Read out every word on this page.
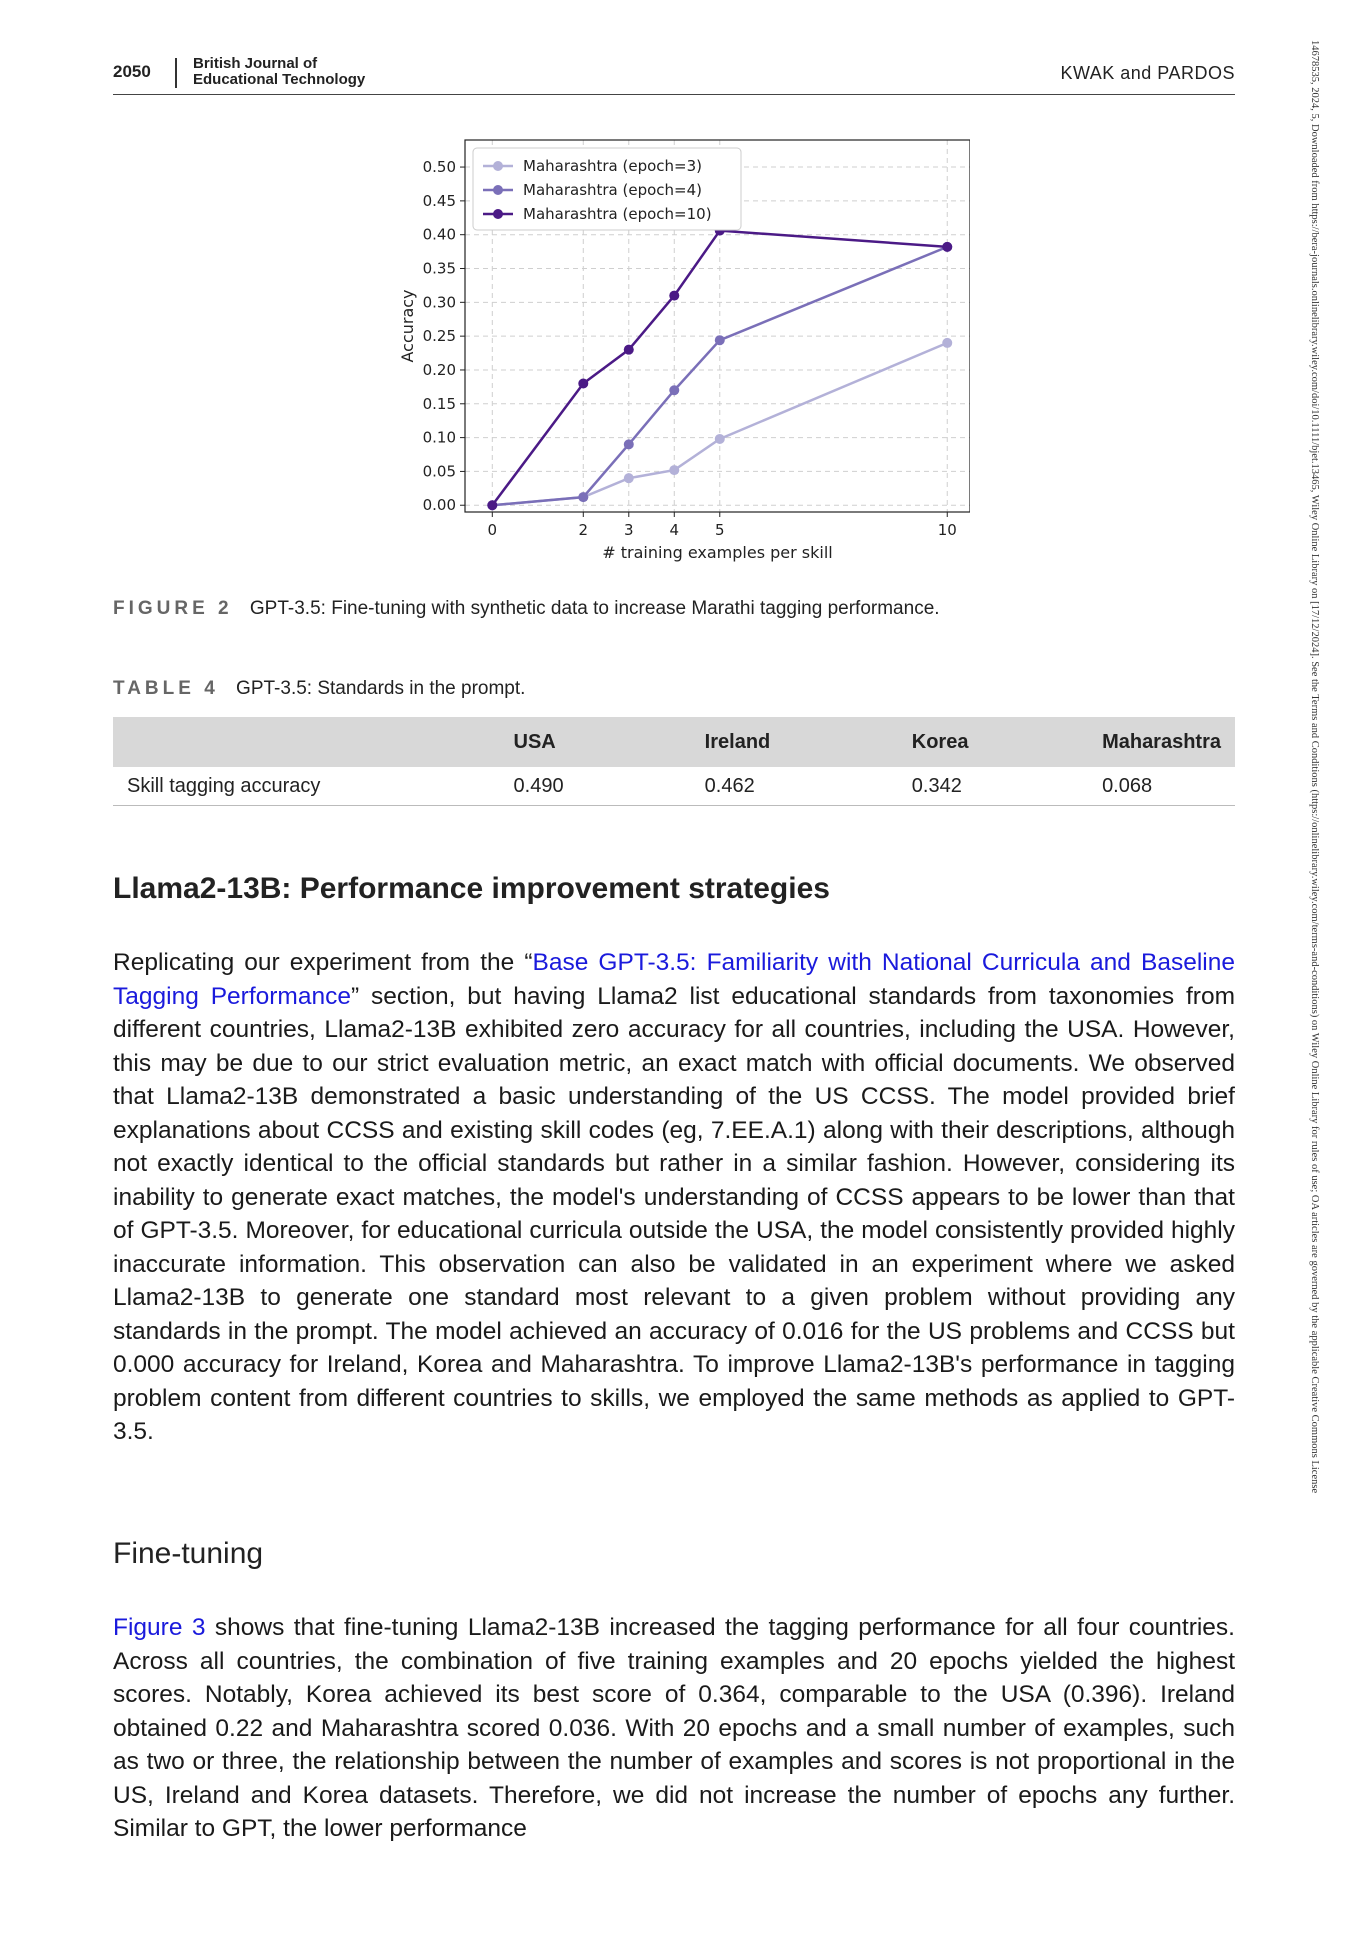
2050	British Journal of
Educational Technology	KWAK and PARDOS	14678535, 2024, 5, Downloaded from https://bera-journals.onlinelibrary.wiley.com/doi/10.1111/bjet.13465, Wiley Online Library on [17/12/2024]. See the Terms and Conditions (https://onlinelibrary.wiley.com/terms-and-conditions) on Wiley Online Library for rules of use; OA articles are governed by the applicable Creative Commons License
0.00
0.05
0.10
0.15
0.20
0.25
0.30
0.35
0.40
0.45
0.50
0	2 3 4 5	10
# training examples per skill
Accuracy
Maharashtra (epoch=3)
Maharashtra (epoch=4)
Maharashtra (epoch=10)
FIGURE 2 GPT-3.5: Fine-tuning with synthetic data to increase Marathi tagging performance.
TABLE 4 GPT-3.5: Standards in the prompt.
	USA	Ireland	Korea	Maharashtra
Skill tagging accuracy	0.490	0.462	0.342	0.068
Llama2-13B: Performance improvement strategies

Replicating our experiment from the “Base GPT-3.5: Familiarity with National Curricula and Baseline Tagging Performance” section, but having Llama2 list educational standards from taxonomies from different countries, Llama2-13B exhibited zero accuracy for all countries, including the USA. However, this may be due to our strict evaluation metric, an exact match with official documents. We observed that Llama2-13B demonstrated a basic understanding of the US CCSS. The model provided brief explanations about CCSS and existing skill codes (eg, 7.EE.A.1) along with their descriptions, although not exactly identical to the official standards but rather in a similar fashion. However, considering its inability to generate exact matches, the model's understanding of CCSS appears to be lower than that of GPT-3.5. Moreover, for educational curricula outside the USA, the model consistently provided highly inaccurate information. This observation can also be validated in an experiment where we asked Llama2-13B to generate one standard most relevant to a given problem without providing any standards in the prompt. The model achieved an accuracy of 0.016 for the US problems and CCSS but 0.000 accuracy for Ireland, Korea and Maharashtra. To improve Llama2-13B's performance in tagging problem content from different countries to skills, we employed the same methods as applied to GPT-3.5.

Fine-tuning

Figure 3 shows that fine-tuning Llama2-13B increased the tagging performance for all four countries. Across all countries, the combination of five training examples and 20 epochs yielded the highest scores. Notably, Korea achieved its best score of 0.364, comparable to the USA (0.396). Ireland obtained 0.22 and Maharashtra scored 0.036. With 20 epochs and a small number of examples, such as two or three, the relationship between the number of examples and scores is not proportional in the US, Ireland and Korea datasets. Therefore, we did not increase the number of epochs any further. Similar to GPT, the lower performance
